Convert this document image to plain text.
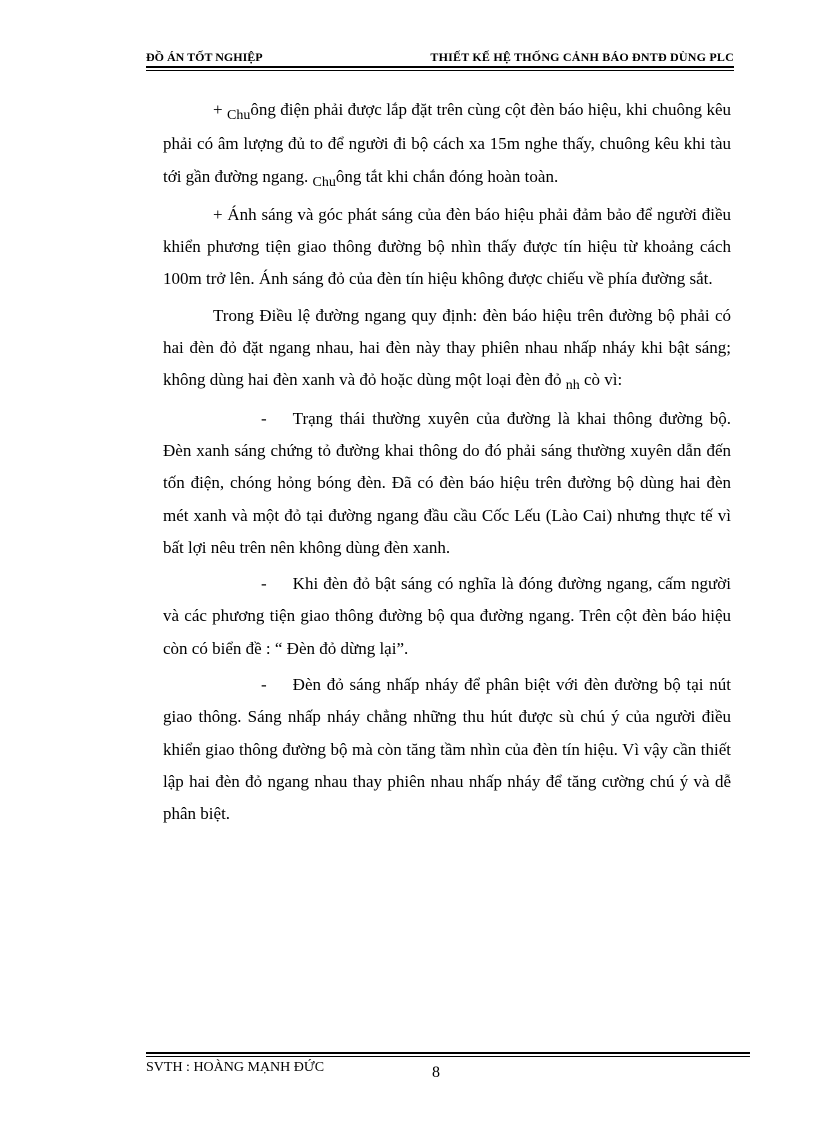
ĐỒ ÁN TỐT NGHIỆP	THIẾT KẾ HỆ THỐNG CẢNH BÁO ĐNTĐ DÙNG PLC

+ $_{Chu}$ông điện phải được lắp đặt trên cùng cột đèn báo hiệu, khi chuông kêu phải có âm lượng đủ to để người đi bộ cách xa 15m nghe thấy, chuông kêu khi tàu tới gần đường ngang. $_{Chu}$ông tắt khi chắn đóng hoàn toàn.

+ Ánh sáng và góc phát sáng của đèn báo hiệu phải đảm bảo để người điều khiển phương tiện giao thông đường bộ nhìn thấy được tín hiệu từ khoảng cách 100m trở lên. Ánh sáng đỏ của đèn tín hiệu không được chiếu về phía đường sắt.

Trong Điều lệ đường ngang quy định: đèn báo hiệu trên đường bộ phải có hai đèn đỏ đặt ngang nhau, hai đèn này thay phiên nhau nhấp nháy khi bật sáng; không dùng hai đèn xanh và đỏ hoặc dùng một loại đèn đỏ $_{nh}$ cò vì:

- Trạng thái thường xuyên của đường là khai thông đường bộ. Đèn xanh sáng chứng tỏ đường khai thông do đó phải sáng thường xuyên dẫn đến tốn điện, chóng hỏng bóng đèn. Đã có đèn báo hiệu trên đường bộ dùng hai đèn mét xanh và một đỏ tại đường ngang đầu cầu Cốc Lếu (Lào Cai) nhưng thực tế vì bất lợi nêu trên nên không dùng đèn xanh.

- Khi đèn đỏ bật sáng có nghĩa là đóng đường ngang, cấm người và các phương tiện giao thông đường bộ qua đường ngang. Trên cột đèn báo hiệu còn có biển đề : “ Đèn đỏ dừng lại”.

- Đèn đỏ sáng nhấp nháy để phân biệt với đèn đường bộ tại nút giao thông. Sáng nhấp nháy chẳng những thu hút được sù chú ý của người điều khiển giao thông đường bộ mà còn tăng tầm nhìn của đèn tín hiệu. Vì vậy cần thiết lập hai đèn đỏ ngang nhau thay phiên nhau nhấp nháy để tăng cường chú ý và dễ phân biệt.

SVTH : HOÀNG MẠNH ĐỨC	8
